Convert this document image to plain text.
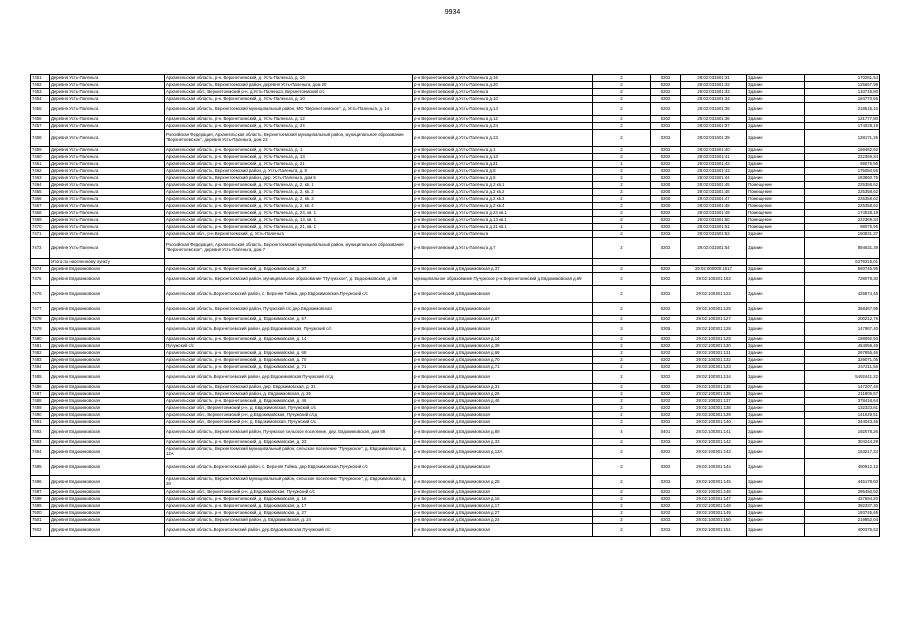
9934
7451	Деревня Усть-Паленьга	Архангельская область, р-н. Верхнетоемский, д. Усть-Паленьга, д. 16	р-н Верхнетоемский д.Усть-Паленьга д.16	2	0202	29:02:031501:31	Здание	170281,54
7452	Деревня Усть-Паленьга	Архангельская область, Верхнетоемский район, деревня Усть-Паленьга, дом 20	р-н Верхнетоемский д.Усть-Паленьга д.20	2	0202	29:02:031501:32	Здание	125657,98
7453	Деревня Усть-Паленьга	Архангельская обл., Верхнетоемский р-н, д.Усть-Паленьга, Верхнетоемский с/с	р-н Верхнетоемский д.Усть-Паленьга	2	0202	29:02:031501:33	Здание	133716,80
7454	Деревня Усть-Паленьга	Архангельская область, р-н. Верхнетоемский, д. Усть-Паленьга, д. 10	р-н Верхнетоемский д.Усть-Паленьга д.10	2	0202	29:02:031501:34	Здание	184770,66
7455	Деревня Усть-Паленьга	Архангельская область, Верхнетоемский муниципальный район, МО "Верхнетоемское", д. Усть-Паленьга, д. 14	р-н Верхнетоемский д.Усть-Паленьга д.14	2	0202	29:02:031501:35	Здание	218515,10
7456	Деревня Усть-Паленьга	Архангельская область, р-н. Верхнетоемский, д. Усть-Паленьга, д. 12	р-н Верхнетоемский д.Усть-Паленьга д.12	2	0202	29:02:031501:36	Здание	121777,80
7457	Деревня Усть-Паленьга	Архангельская область, р-н. Верхнетоемский, д. Усть-Паленьга, д. 24	р-н Верхнетоемский д.Усть-Паленьга д.24	2	0202	29:02:031501:37	Здание	174028,19
7458	Деревня Усть-Паленьга	Российская Федерация, Архангельская область, Верхнетоемский муниципальный район, муниципальное образование "Верхнетоемское", деревня Усть-Паленьга, дом 23	р-н Верхнетоемский д.Усть-Паленьга д.23	2	0202	29:02:031501:39	Здание	128171,26
7459	Деревня Усть-Паленьга	Архангельская область, р-н. Верхнетоемский, д. Усть-Паленьга, д. 1	р-н Верхнетоемский д.Усть-Паленьга д.1	2	0202	29:02:031501:40	Здание	169482,62
7460	Деревня Усть-Паленьга	Архангельская область, р-н. Верхнетоемский, д. Усть-Паленьга, д. 13	р-н Верхнетоемский д.Усть-Паленьга д.13	2	0202	29:02:031501:41	Здание	222369,34
7461	Деревня Усть-Паленьга	Архангельская область, р-н. Верхнетоемский, д. Усть-Паленьга, д. 21	р-н Верхнетоемский д.Усть-Паленьга д.21	1	0202	29:02:031501:42	Здание	98075,95
7462	Деревня Усть-Паленьга	Архангельская область, Верхнетоемский район, д. Усть-Паленьга, д. 8	р-н Верхнетоемский д.Усть-Паленьга д.8	2	0202	29:02:031501:43	Здание	175084,65
7463	Деревня Усть-Паленьга	Архангельская область, Верхнетоемский район, дер. Усть-Паленьга, дом 5	р-н Верхнетоемский д.Усть-Паленьга д.5	2	0202	29:02:031501:44	Здание	183860,75
7464	Деревня Усть-Паленьга	Архангельская область, р-н. Верхнетоемский, д. Усть-Паленьга, д. 2, кв. 1	р-н Верхнетоемский д.Усть-Паленьга д.2 кв.1	2	0200	29:02:031501:45	Помещение	225358,62
7465	Деревня Усть-Паленьга	Архангельская область, р-н. Верхнетоемский, д. Усть-Паленьга, д. 2, кв. 2	р-н Верхнетоемский д.Усть-Паленьга д.2 кв.2	2	0200	29:02:031501:46	Помещение	225358,62
7466	Деревня Усть-Паленьга	Архангельская область, р-н. Верхнетоемский, д. Усть-Паленьга, д. 2, кв. 3	р-н Верхнетоемский д.Усть-Паленьга д.2 кв.3	2	0200	29:02:031501:47	Помещение	225358,62
7467	Деревня Усть-Паленьга	Архангельская область, р-н. Верхнетоемский, д. Усть-Паленьга, д. 2, кв. 4	р-н Верхнетоемский д.Усть-Паленьга д.2 кв.4	2	0200	29:02:031501:48	Помещение	225358,62
7468	Деревня Усть-Паленьга	Архангельская область, р-н. Верхнетоемский, д. Усть-Паленьга, д. 24, кв. 1	р-н Верхнетоемский д.Усть-Паленьга д.24 кв.1	2	0202	29:02:031501:49	Помещение	174028,19
7469	Деревня Усть-Паленьга	Архангельская область, р-н. Верхнетоемский, д. Усть-Паленьга, д. 13, кв. 1	р-н Верхнетоемский д.Усть-Паленьга д.13 кв.1	2	0202	29:02:031501:50	Помещение	222369,34
7470	Деревня Усть-Паленьга	Архангельская область, р-н. Верхнетоемский, д. Усть-Паленьга, д. 21, кв. 1	р-н Верхнетоемский д.Усть-Паленьга д.21 кв.1	1	0202	29:02:031501:51	Помещение	98075,95
7471	Деревня Усть-Паленьга	Архангельская обл., р-н Верхнетоемский, д. Усть-Паленьга	р-н Верхнетоемский д.Усть-Паленьга	2	0202	29:02:031501:52	Здание	150831,37
7472	Деревня Усть-Паленьга	Российская Федерация, Архангельская область, Верхнетоемский муниципальный район, муниципальное образование "Верхнетоемское", деревня Усть-Паленьга, дом 7	р-н Верхнетоемский д.Усть-Паленьга д.7	2	0202	29:02:031501:54	Здание	894631,39
	Итого по населенному пункту							6379315,01
7474	Деревня Евдокимовская	Архангельская область, р-н. Верхнетоемский, д. Евдокимовская, д. 37	р-н Верхнетоемский д.Евдокимовская д.37	2	0202	29:02:000000:1517	Здание	593745,95
7475	Деревня Евдокимовская	Архангельская область, Верхнетоемский район, муниципальное образование "Пучужское", д. Евдокимовская, д. 69	муниципальное образование Пучужское р-н.Верхнетоемский д.Евдокимовская д.69	2	0202	29:02:100201:163	Здание	728079,30
7476	Деревня Евдокимовская	Архангельская область,Верхнетоемский район, с. Верхняя Тойма, дер.Евдокимовская,Пучужский с/с	р-н Верхнетоемский д.Евдокимовская	2	0202	29:02:100301:124	Здание	426874,45
7477	Деревня Евдокимовская	Архангельская область, Верхнетоемский район, Пучужский с/с,дер.Евдокимовская	р-н Верхнетоемский д.Евдокимовская	2	0202	29:02:100301:125	Здание	368467,95
7478	Деревня Евдокимовская	Архангельская область, р-н. Верхнетоемский, д. Евдокимовская, д. 67	р-н Верхнетоемский д.Евдокимовская д.67	2	0202	29:02:100301:127	Здание	200212,76
7479	Деревня Евдокимовская	Архангельская область,Верхнетоемский район, дер.Евдокимовская, Пучужский с/с	р-н Верхнетоемский д.Евдокимовская	3	0305	29:02:100301:128	Здание	147967,40
7480	Деревня Евдокимовская	Архангельская область, р-н. Верхнетоемский, д. Евдокимовская, д. 14	р-н Верхнетоемский д.Евдокимовская д.14	2	0202	29:02:100301:129	Здание	188092,50
7481	Деревня Евдокимовская	Пучужский с/с	р-н Верхнетоемский д.Евдокимовская д.39	2	0202	29:02:100301:130	Здание	454056,49
7482	Деревня Евдокимовская	Архангельская область, р-н. Верхнетоемский, д. Евдокимовская, д. 68	р-н Верхнетоемский д.Евдокимовская д.68	2	0202	29:02:100301:131	Здание	267955,46
7483	Деревня Евдокимовская	Архангельская область, р-н. Верхнетоемский, д. Евдокимовская, д. 70	р-н Верхнетоемский д.Евдокимовская д.70	2	0202	29:02:100301:132	Здание	329071,05
7484	Деревня Евдокимовская	Архангельская область, р-н. Верхнетоемский, д. Евдокимовская, д. 71	р-н Верхнетоемский д.Евдокимовская д.71	2	0202	29:02:100301:133	Здание	247211,56
7485	Деревня Евдокимовская	Архангельская область,Верхнетоемский район, дер.Евдокимовская,Пучужский с/сд	р-н Верхнетоемский д.Евдокимовская	2	0202	29:02:100301:134	Здание	5492441,22
7486	Деревня Евдокимовская	Архангельская область, Верхнетоемский район, дер. Евдокимовская, д. 31	р-н Верхнетоемский д.Евдокимовская д.31	2	0202	29:02:100301:135	Здание	147207,46
7487	Деревня Евдокимовская	Архангельская область, Верхнетоемский район, д. Евдокимовская, д. 26	р-н Верхнетоемский д.Евдокимовская д.26	2	0202	29:02:100301:136	Здание	211805,67
7488	Деревня Евдокимовская	Архангельская область, р-н. Верхнетоемский, д. Евдокимовская, д. 46	р-н Верхнетоемский д.Евдокимовская д.46	2	0202	29:02:100301:137	Здание	378418,64
7489	Деревня Евдокимовская	Архангельская обл., Верхнетоемский р-н, д. Евдокимовская, Пучужский с/с	р-н Верхнетоемский д.Евдокимовская	2	0202	29:02:100301:138	Здание	132323,81
7490	Деревня Евдокимовская	Архангельская обл., Верхнетоемский р-н, д.Евдокимовская, Пучужский с/сд	р-н Верхнетоемский д.Евдокимовская	2	0202	29:02:100301:139	Здание	141029,51
7491	Деревня Евдокимовская	Архангельская обл., Верхнетоемский р-н, д. Евдокимовская, Пучужский с/с	р-н Верхнетоемский д.Евдокимовская	2	0202	29:02:100301:140	Здание	344043,46
7492	Деревня Евдокимовская	Архангельская область, Верхнетоемский район, Пучужское сельское поселение, дер. Евдокимовская, дом 89	р-н Верхнетоемский д.Евдокимовская д.89	4	0401	29:02:100301:141	Здание	192078,26
7493	Деревня Евдокимовская	Архангельская область, р-н. Верхнетоемский, д. Евдокимовская, д. 33	р-н Верхнетоемский д.Евдокимовская д.33	2	0202	29:02:100301:142	Здание	304244,29
7494	Деревня Евдокимовская	Архангельская область, Верхнетоемский муниципальный район, сельское поселение "Пучужское", д. Евдокимовская, д. 12А	р-н Верхнетоемский д.Евдокимовская д.12А	2	0202	29:02:100301:143	Здание	153217,24
7495	Деревня Евдокимовская	Архангельская область,Верхнетоемский район, с. Верхняя Тойма, дер.Евдокимовская,Пучужский с/с	р-н Верхнетоемский д.Евдокимовская	2	0202	29:02:100301:144	Здание	490912,13
7496	Деревня Евдокимовская	Архангельская область, Верхнетоемский муниципальный район, сельское поселение "Пучужское", д. Евдокимовская, д. 28	р-н Верхнетоемский д.Евдокимовская д.28	2	0202	29:02:100301:145	Здание	445178,60
7497	Деревня Евдокимовская	Архангельская обл., Верхнетоемский р-н, д.Евдокимовская, Пучужский с/с	р-н Верхнетоемский д.Евдокимовская	2	0202	29:02:100301:146	Здание	295450,92
7498	Деревня Евдокимовская	Архангельская область, р-н. Верхнетоемский, д. Евдокимовская, д. 16	р-н Верхнетоемский д.Евдокимовская д.16	2	0202	29:02:100301:147	Здание	437694,20
7499	Деревня Евдокимовская	Архангельская область, р-н. Верхнетоемский, д. Евдокимовская, д. 17	р-н Верхнетоемский д.Евдокимовская д.17	2	0202	29:02:100301:148	Здание	382337,30
7500	Деревня Евдокимовская	Архангельская область, р-н. Верхнетоемский, д. Евдокимовская, д. 27	р-н Верхнетоемский д.Евдокимовская д.27	2	0202	29:02:100301:149	Здание	193745,65
7501	Деревня Евдокимовская	Архангельская область, Верхнетоемский район, д. Евдокимовская, д. 24	р-н Верхнетоемский д.Евдокимовская д.24	2	0202	29:02:100301:150	Здание	219852,04
7502	Деревня Евдокимовская	Архангельская область,Верхнетоемский район, дер.Евдокимовская,Пучужский с/с	р-н Верхнетоемский д.Евдокимовская	2	0202	29:02:100301:151	Здание	400375,53
